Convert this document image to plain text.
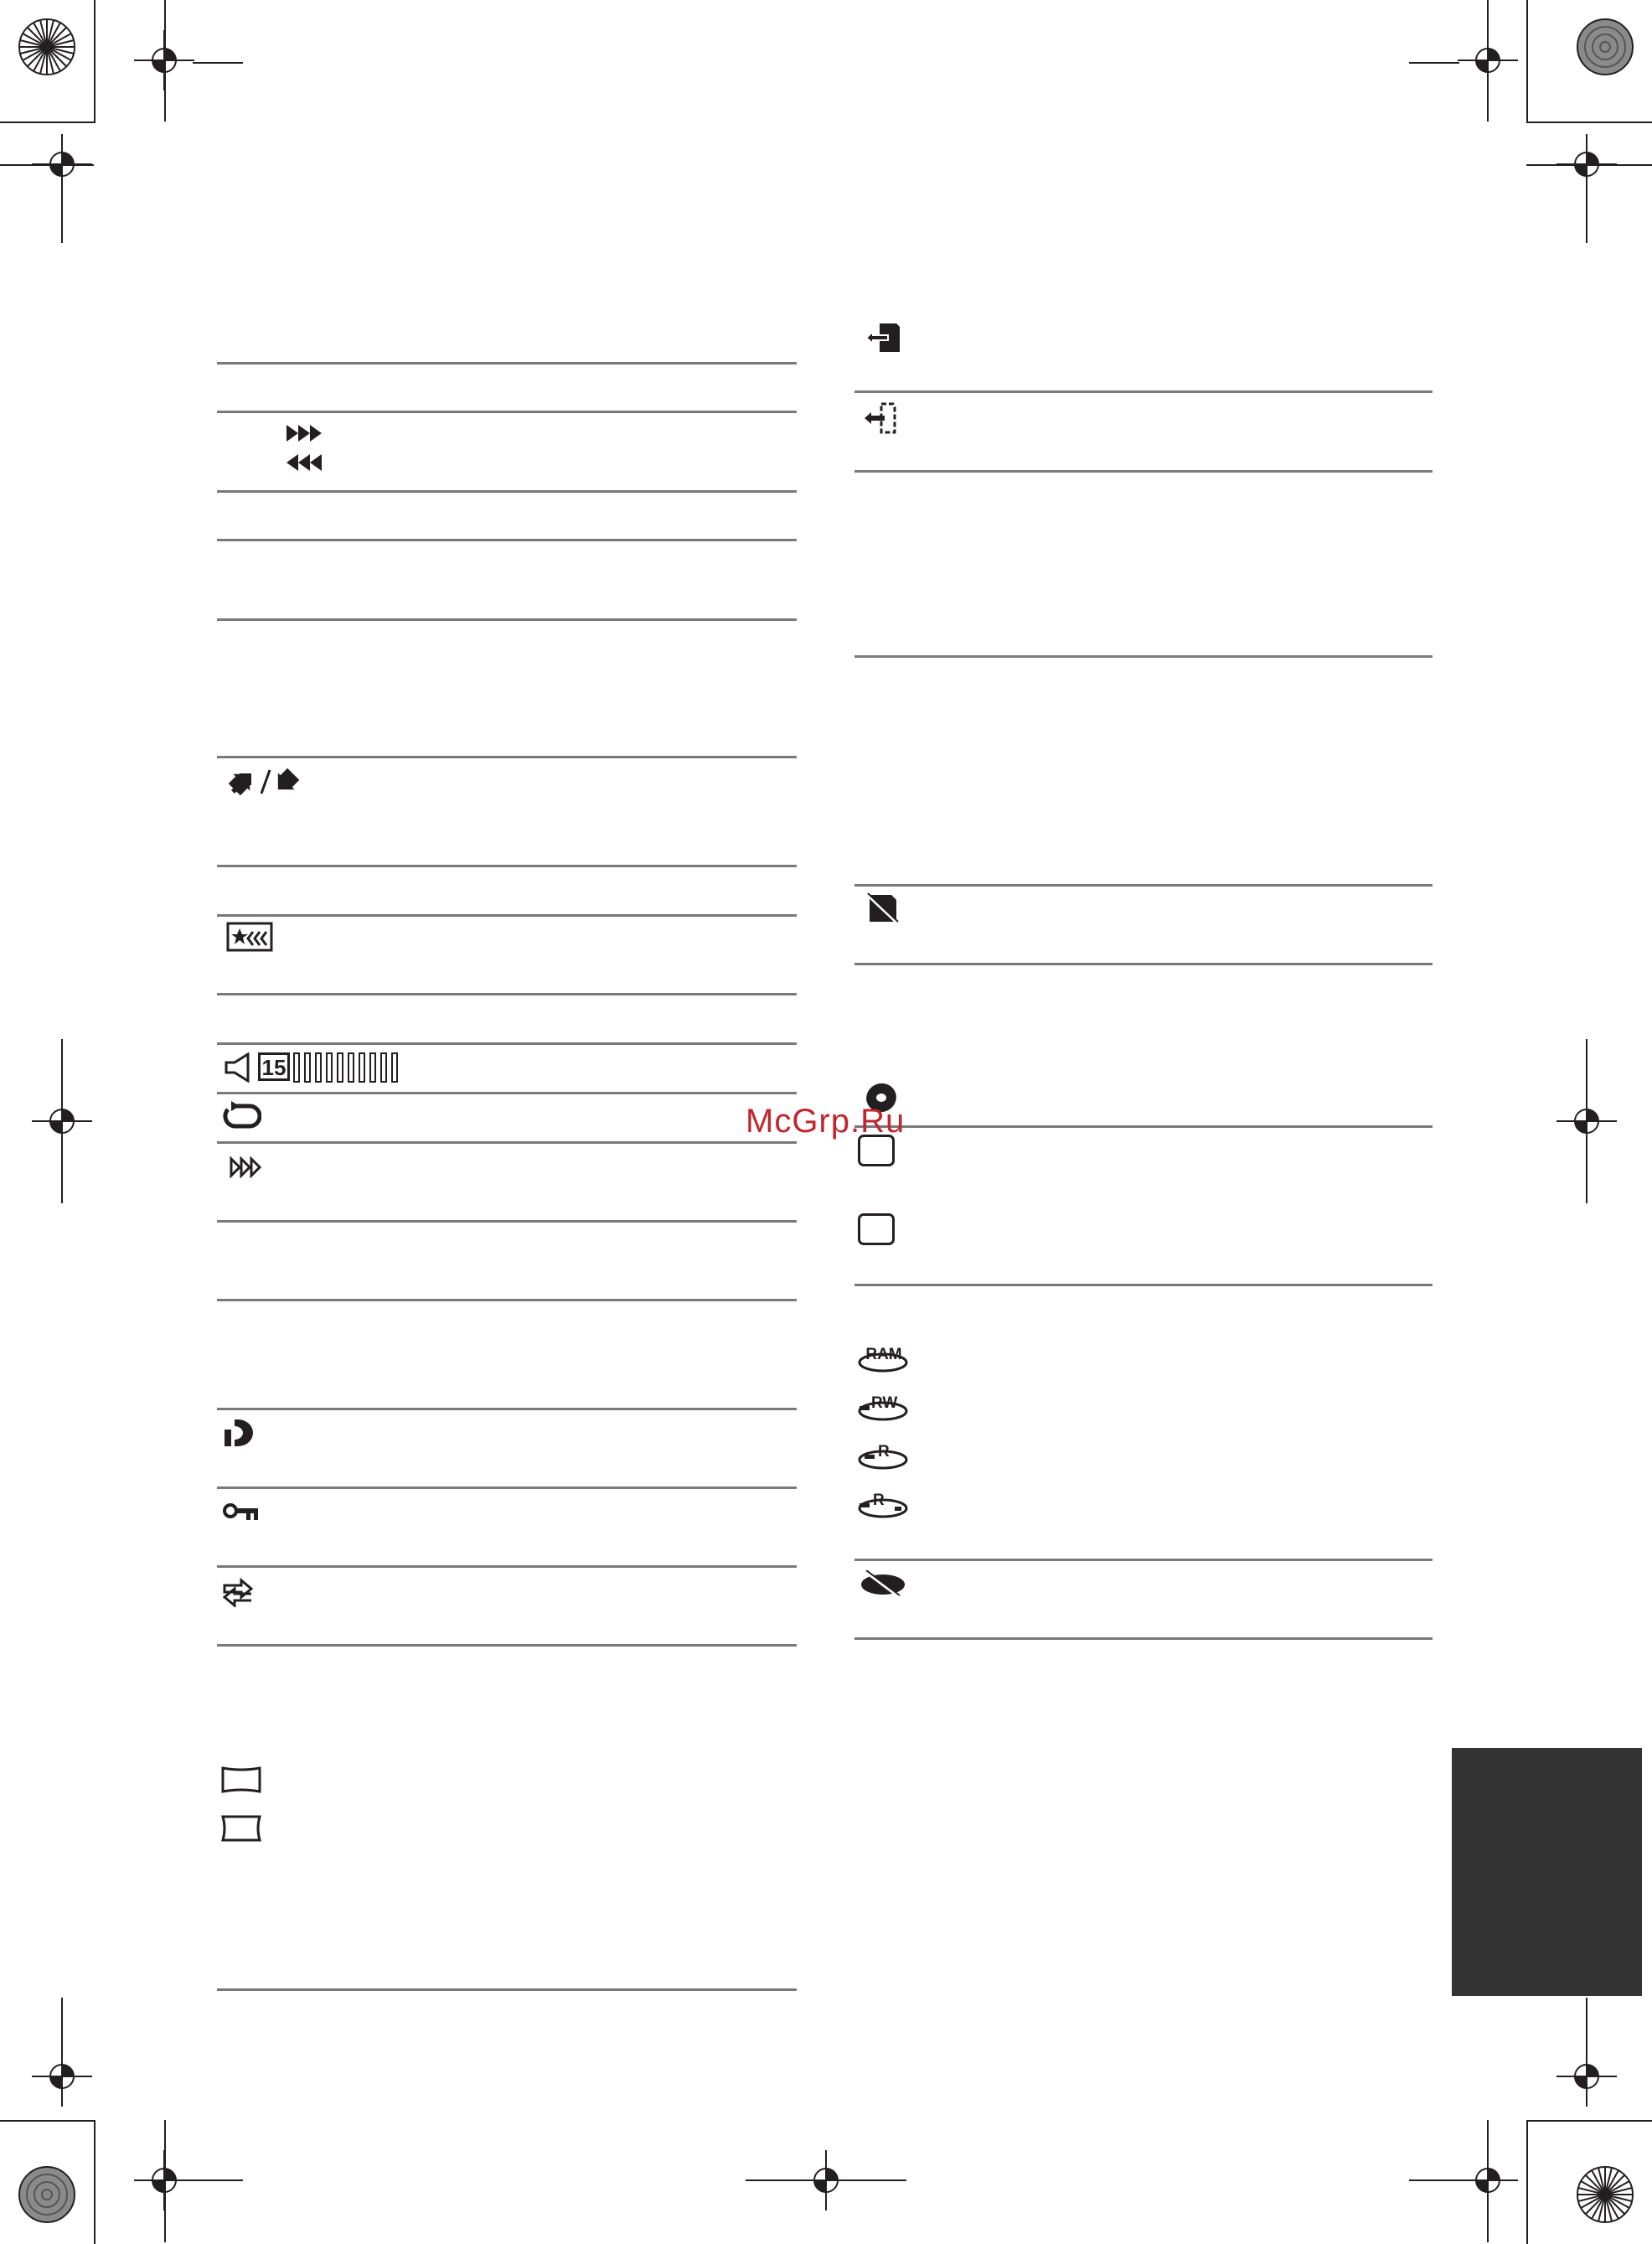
15
RAM
RW
R
R
McGrp.Ru
